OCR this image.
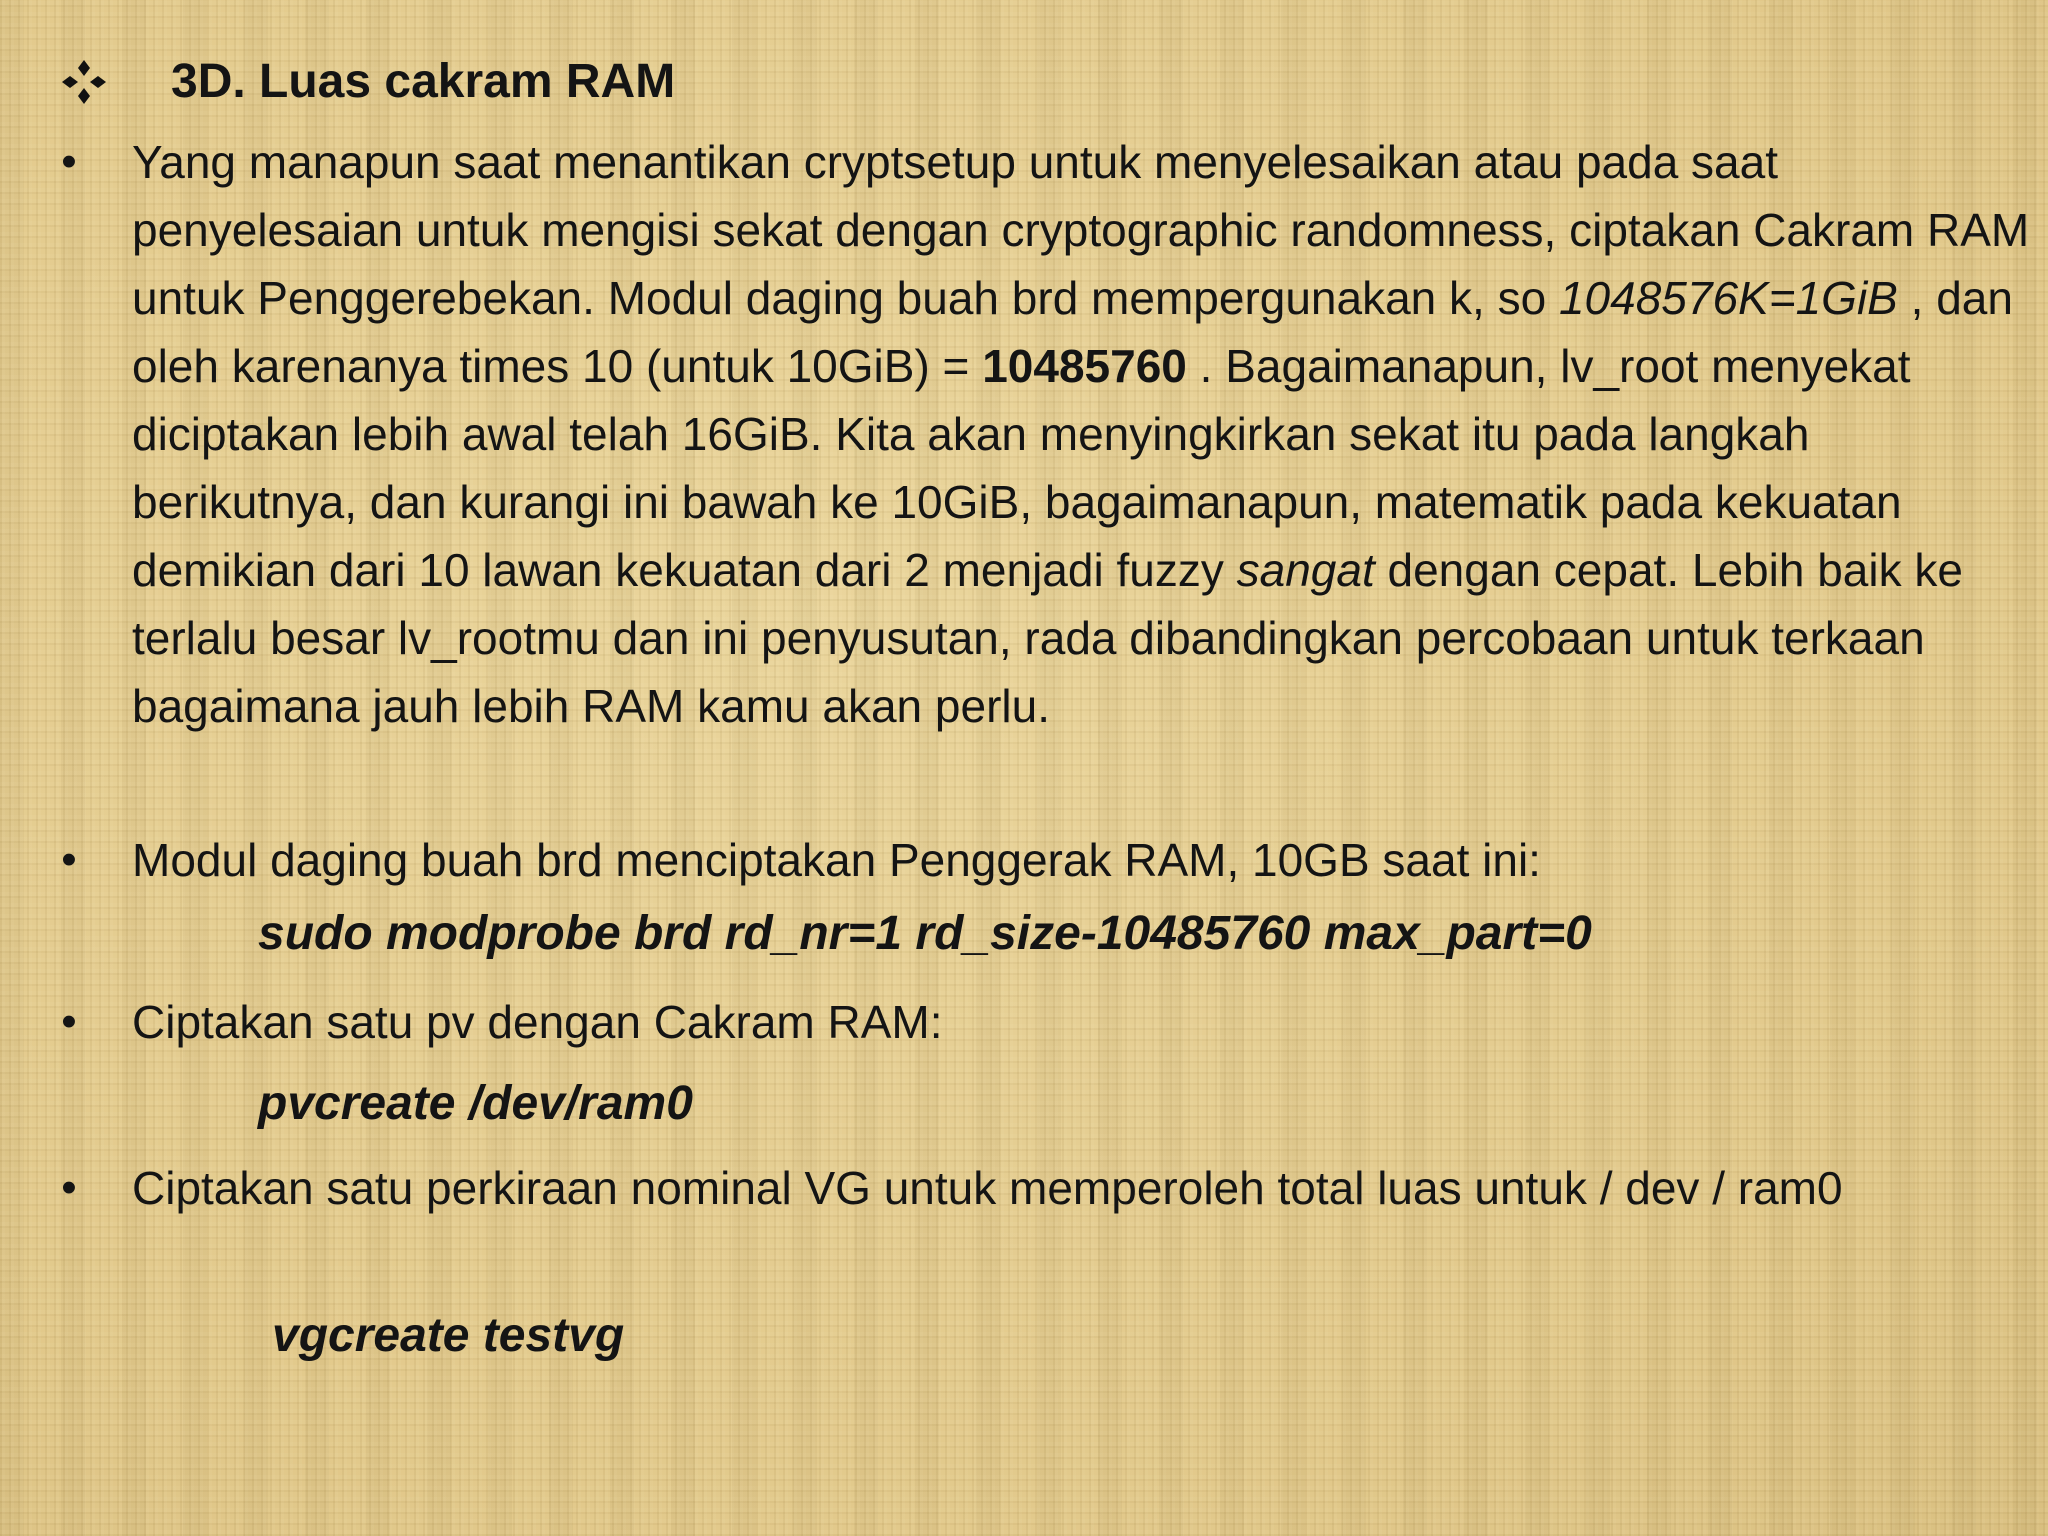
3D. Luas cakram RAM
• Yang manapun saat menantikan cryptsetup untuk menyelesaikan atau pada saat penyelesaian untuk mengisi sekat dengan cryptographic randomness, ciptakan Cakram RAM untuk Penggerebekan. Modul daging buah brd mempergunakan k, so 1048576K=1GiB , dan oleh karenanya times 10 (untuk 10GiB) = 10485760 . Bagaimanapun, lv_root menyekat diciptakan lebih awal telah 16GiB. Kita akan menyingkirkan sekat itu pada langkah berikutnya, dan kurangi ini bawah ke 10GiB, bagaimanapun, matematik pada kekuatan demikian dari 10 lawan kekuatan dari 2 menjadi fuzzy sangat dengan cepat. Lebih baik ke terlalu besar lv_rootmu dan ini penyusutan, rada dibandingkan percobaan untuk terkaan bagaimana jauh lebih RAM kamu akan perlu.
• Modul daging buah brd menciptakan Penggerak RAM, 10GB saat ini:
sudo modprobe brd rd_nr=1 rd_size-10485760 max_part=0
• Ciptakan satu pv dengan Cakram RAM:
pvcreate /dev/ram0
• Ciptakan satu perkiraan nominal VG untuk memperoleh total luas untuk / dev / ram0
vgcreate testvg
